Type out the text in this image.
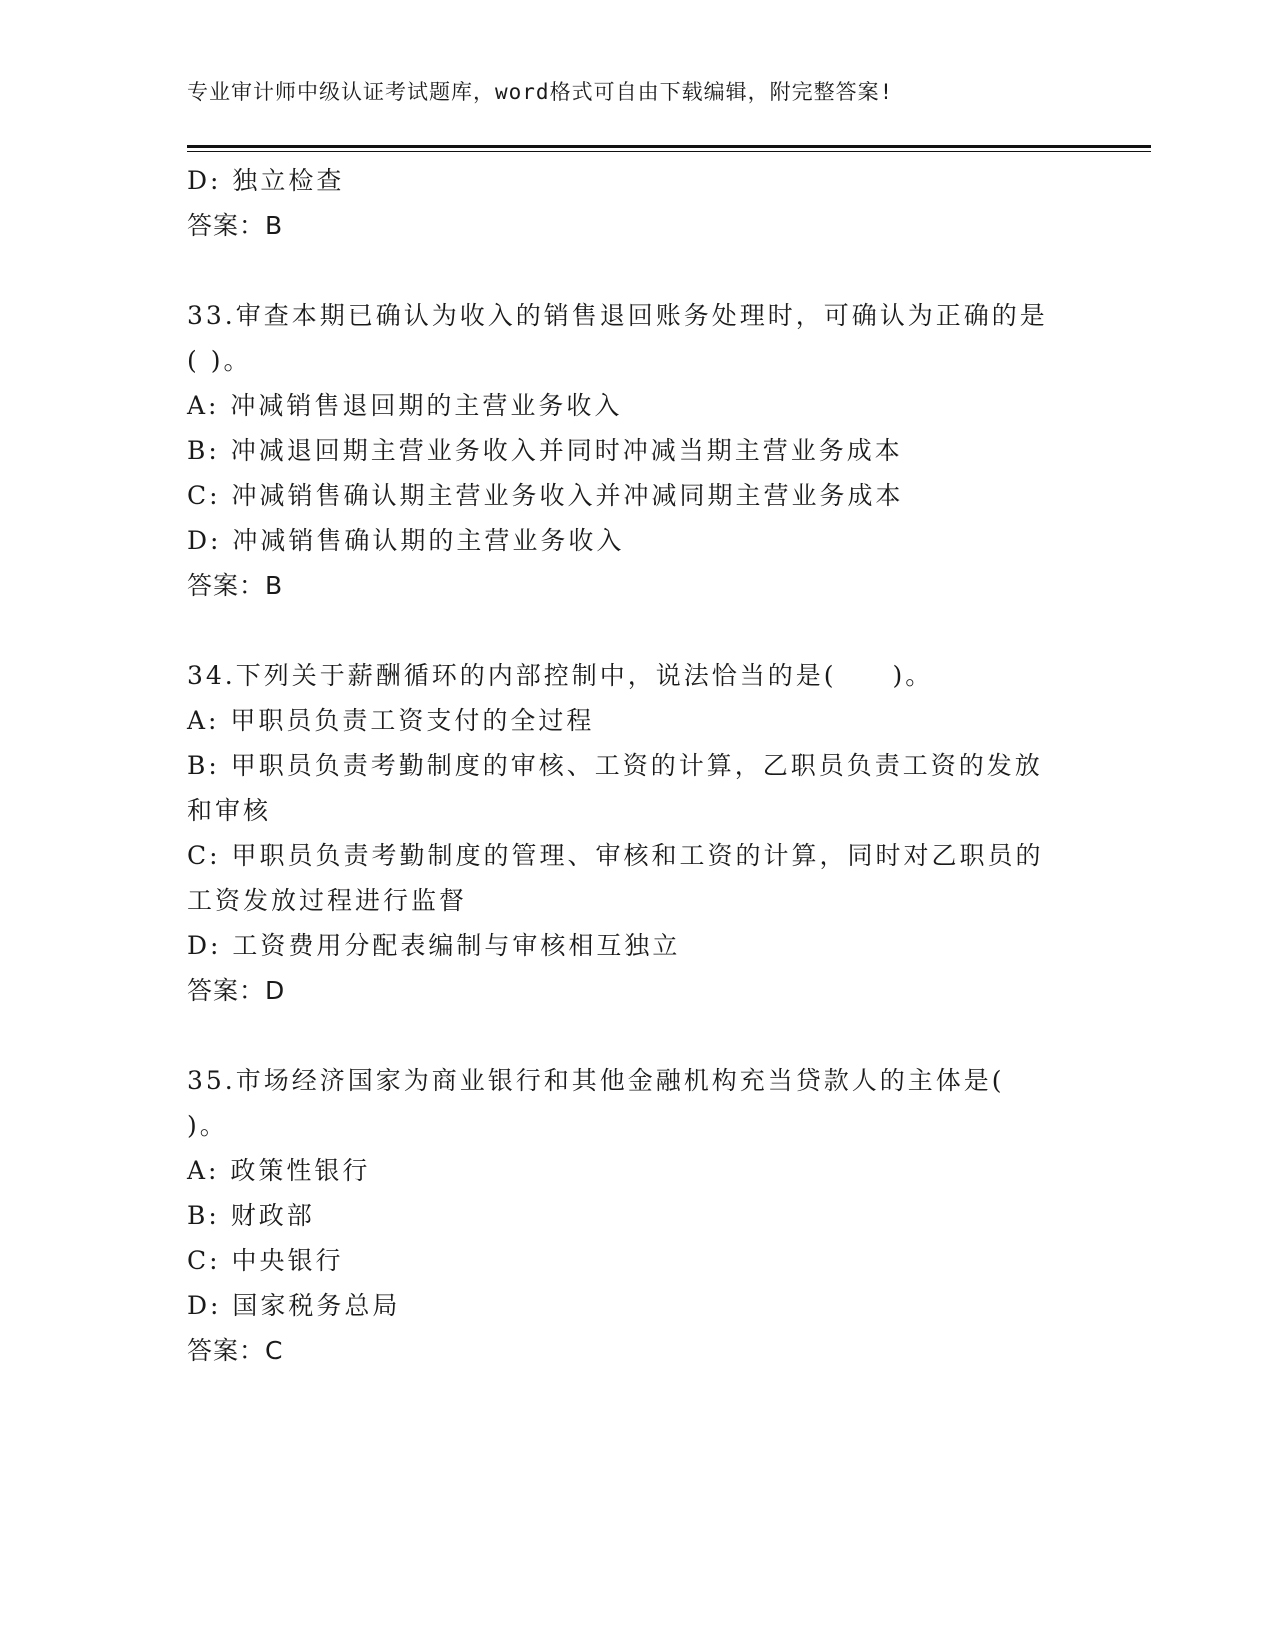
专业审计师中级认证考试题库，word格式可自由下载编辑，附完整答案!
D: 独立检查
答案：B
33.审查本期已确认为收入的销售退回账务处理时，可确认为正确的是
( )。
A: 冲减销售退回期的主营业务收入
B: 冲减退回期主营业务收入并同时冲减当期主营业务成本
C: 冲减销售确认期主营业务收入并冲减同期主营业务成本
D: 冲减销售确认期的主营业务收入
答案：B
34.下列关于薪酬循环的内部控制中，说法恰当的是(　　)。
A: 甲职员负责工资支付的全过程
B: 甲职员负责考勤制度的审核、工资的计算，乙职员负责工资的发放
和审核
C: 甲职员负责考勤制度的管理、审核和工资的计算，同时对乙职员的
工资发放过程进行监督
D: 工资费用分配表编制与审核相互独立
答案：D
35.市场经济国家为商业银行和其他金融机构充当贷款人的主体是(
)。
A: 政策性银行
B: 财政部
C: 中央银行
D: 国家税务总局
答案：C
